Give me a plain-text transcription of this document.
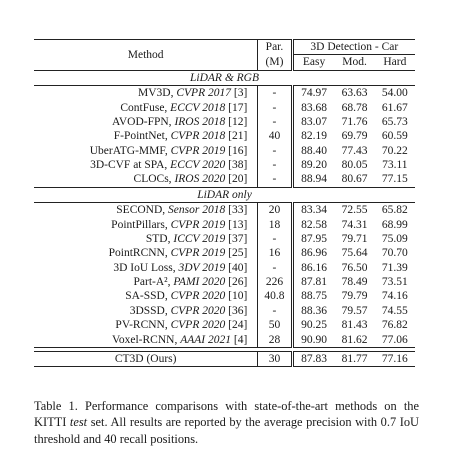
Method	Par.	3D Detection - Car		
	(M)	Easy	Mod.	Hard
LiDAR & RGB				
MV3D, CVPR 2017 [3]	-	74.97	63.63	54.00
ContFuse, ECCV 2018 [17]	-	83.68	68.78	61.67
AVOD-FPN, IROS 2018 [12]	-	83.07	71.76	65.73
F-PointNet, CVPR 2018 [21]	40	82.19	69.79	60.59
UberATG-MMF, CVPR 2019 [16]	-	88.40	77.43	70.22
3D-CVF at SPA, ECCV 2020 [38]	-	89.20	80.05	73.11
CLOCs, IROS 2020 [20]	-	88.94	80.67	77.15
LiDAR only				
SECOND, Sensor 2018 [33]	20	83.34	72.55	65.82
PointPillars, CVPR 2019 [13]	18	82.58	74.31	68.99
STD, ICCV 2019 [37]	-	87.95	79.71	75.09
PointRCNN, CVPR 2019 [25]	16	86.96	75.64	70.70
3D IoU Loss, 3DV 2019 [40]	-	86.16	76.50	71.39
Part-A², PAMI 2020 [26]	226	87.81	78.49	73.51
SA-SSD, CVPR 2020 [10]	40.8	88.75	79.79	74.16
3DSSD, CVPR 2020 [36]	-	88.36	79.57	74.55
PV-RCNN, CVPR 2020 [24]	50	90.25	81.43	76.82
Voxel-RCNN, AAAI 2021 [4]	28	90.90	81.62	77.06

CT3D (Ours)	30	87.83	81.77	77.16
Table 1. Performance comparisons with state-of-the-art methods on the KITTI test set. All results are reported by the average precision with 0.7 IoU threshold and 40 recall positions.
